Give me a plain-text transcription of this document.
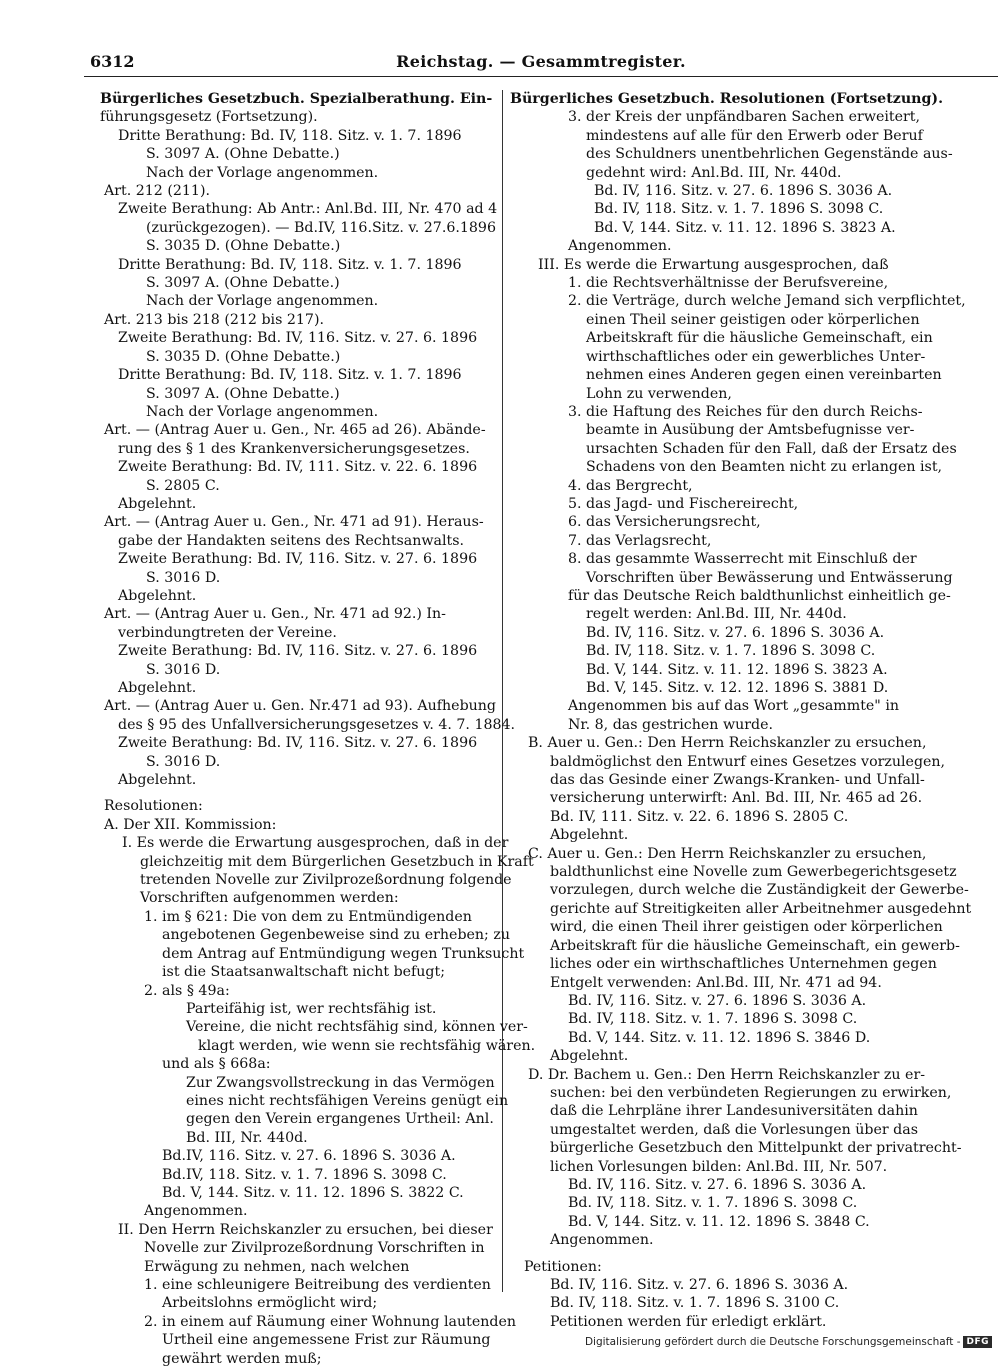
6312	Reichstag. — Gesammtregister.
Bürgerliches Gesetzbuch. Spezialberathung. Ein-
führungsgesetz (Fortsetzung).
Dritte Berathung: Bd. IV, 118. Sitz. v. 1. 7. 1896
S. 3097 A. (Ohne Debatte.)
Nach der Vorlage angenommen.
Art. 212 (211).
Zweite Berathung: Ab Antr.: Anl.Bd. III, Nr. 470 ad 4
(zurückgezogen). — Bd.IV, 116.Sitz. v. 27.6.1896
S. 3035 D. (Ohne Debatte.)
Dritte Berathung: Bd. IV, 118. Sitz. v. 1. 7. 1896
S. 3097 A. (Ohne Debatte.)
Nach der Vorlage angenommen.
Art. 213 bis 218 (212 bis 217).
Zweite Berathung: Bd. IV, 116. Sitz. v. 27. 6. 1896
S. 3035 D. (Ohne Debatte.)
Dritte Berathung: Bd. IV, 118. Sitz. v. 1. 7. 1896
S. 3097 A. (Ohne Debatte.)
Nach der Vorlage angenommen.
Art. — (Antrag Auer u. Gen., Nr. 465 ad 26). Abände-
rung des § 1 des Krankenversicherungsgesetzes.
Zweite Berathung: Bd. IV, 111. Sitz. v. 22. 6. 1896
S. 2805 C.
Abgelehnt.
Art. — (Antrag Auer u. Gen., Nr. 471 ad 91). Heraus-
gabe der Handakten seitens des Rechtsanwalts.
Zweite Berathung: Bd. IV, 116. Sitz. v. 27. 6. 1896
S. 3016 D.
Abgelehnt.
Art. — (Antrag Auer u. Gen., Nr. 471 ad 92.) In-
verbindungtreten der Vereine.
Zweite Berathung: Bd. IV, 116. Sitz. v. 27. 6. 1896
S. 3016 D.
Abgelehnt.
Art. — (Antrag Auer u. Gen. Nr.471 ad 93). Aufhebung
des § 95 des Unfallversicherungsgesetzes v. 4. 7. 1884.
Zweite Berathung: Bd. IV, 116. Sitz. v. 27. 6. 1896
S. 3016 D.
Abgelehnt.
Resolutionen:
A. Der XII. Kommission:
I. Es werde die Erwartung ausgesprochen, daß in der
gleichzeitig mit dem Bürgerlichen Gesetzbuch in Kraft
tretenden Novelle zur Zivilprozeßordnung folgende
Vorschriften aufgenommen werden:
1. im § 621: Die von dem zu Entmündigenden
angebotenen Gegenbeweise sind zu erheben; zu
dem Antrag auf Entmündigung wegen Trunksucht
ist die Staatsanwaltschaft nicht befugt;
2. als § 49a:
Parteifähig ist, wer rechtsfähig ist.
Vereine, die nicht rechtsfähig sind, können ver-
klagt werden, wie wenn sie rechtsfähig wären.
und als § 668a:
Zur Zwangsvollstreckung in das Vermögen
eines nicht rechtsfähigen Vereins genügt ein
gegen den Verein ergangenes Urtheil: Anl.
Bd. III, Nr. 440d.
Bd.IV, 116. Sitz. v. 27. 6. 1896 S. 3036 A.
Bd.IV, 118. Sitz. v. 1. 7. 1896 S. 3098 C.
Bd. V, 144. Sitz. v. 11. 12. 1896 S. 3822 C.
Angenommen.
II. Den Herrn Reichskanzler zu ersuchen, bei dieser
Novelle zur Zivilprozeßordnung Vorschriften in
Erwägung zu nehmen, nach welchen
1. eine schleunigere Beitreibung des verdienten
Arbeitslohns ermöglicht wird;
2. in einem auf Räumung einer Wohnung lautenden
Urtheil eine angemessene Frist zur Räumung
gewährt werden muß;
Bürgerliches Gesetzbuch. Resolutionen (Fortsetzung).
3. der Kreis der unpfändbaren Sachen erweitert,
mindestens auf alle für den Erwerb oder Beruf
des Schuldners unentbehrlichen Gegenstände aus-
gedehnt wird: Anl.Bd. III, Nr. 440d.
Bd. IV, 116. Sitz. v. 27. 6. 1896 S. 3036 A.
Bd. IV, 118. Sitz. v. 1. 7. 1896 S. 3098 C.
Bd. V, 144. Sitz. v. 11. 12. 1896 S. 3823 A.
Angenommen.
III. Es werde die Erwartung ausgesprochen, daß
1. die Rechtsverhältnisse der Berufsvereine,
2. die Verträge, durch welche Jemand sich verpflichtet,
einen Theil seiner geistigen oder körperlichen
Arbeitskraft für die häusliche Gemeinschaft, ein
wirthschaftliches oder ein gewerbliches Unter-
nehmen eines Anderen gegen einen vereinbarten
Lohn zu verwenden,
3. die Haftung des Reiches für den durch Reichs-
beamte in Ausübung der Amtsbefugnisse ver-
ursachten Schaden für den Fall, daß der Ersatz des
Schadens von den Beamten nicht zu erlangen ist,
4. das Bergrecht,
5. das Jagd- und Fischereirecht,
6. das Versicherungsrecht,
7. das Verlagsrecht,
8. das gesammte Wasserrecht mit Einschluß der
Vorschriften über Bewässerung und Entwässerung
für das Deutsche Reich baldthunlichst einheitlich ge-
regelt werden: Anl.Bd. III, Nr. 440d.
Bd. IV, 116. Sitz. v. 27. 6. 1896 S. 3036 A.
Bd. IV, 118. Sitz. v. 1. 7. 1896 S. 3098 C.
Bd. V, 144. Sitz. v. 11. 12. 1896 S. 3823 A.
Bd. V, 145. Sitz. v. 12. 12. 1896 S. 3881 D.
Angenommen bis auf das Wort „gesammte" in
Nr. 8, das gestrichen wurde.
B. Auer u. Gen.: Den Herrn Reichskanzler zu ersuchen,
baldmöglichst den Entwurf eines Gesetzes vorzulegen,
das das Gesinde einer Zwangs-Kranken- und Unfall-
versicherung unterwirft: Anl. Bd. III, Nr. 465 ad 26.
Bd. IV, 111. Sitz. v. 22. 6. 1896 S. 2805 C.
Abgelehnt.
C. Auer u. Gen.: Den Herrn Reichskanzler zu ersuchen,
baldthunlichst eine Novelle zum Gewerbegerichtsgesetz
vorzulegen, durch welche die Zuständigkeit der Gewerbe-
gerichte auf Streitigkeiten aller Arbeitnehmer ausgedehnt
wird, die einen Theil ihrer geistigen oder körperlichen
Arbeitskraft für die häusliche Gemeinschaft, ein gewerb-
liches oder ein wirthschaftliches Unternehmen gegen
Entgelt verwenden: Anl.Bd. III, Nr. 471 ad 94.
Bd. IV, 116. Sitz. v. 27. 6. 1896 S. 3036 A.
Bd. IV, 118. Sitz. v. 1. 7. 1896 S. 3098 C.
Bd. V, 144. Sitz. v. 11. 12. 1896 S. 3846 D.
Abgelehnt.
D. Dr. Bachem u. Gen.: Den Herrn Reichskanzler zu er-
suchen: bei den verbündeten Regierungen zu erwirken,
daß die Lehrpläne ihrer Landesuniversitäten dahin
umgestaltet werden, daß die Vorlesungen über das
bürgerliche Gesetzbuch den Mittelpunkt der privatrecht-
lichen Vorlesungen bilden: Anl.Bd. III, Nr. 507.
Bd. IV, 116. Sitz. v. 27. 6. 1896 S. 3036 A.
Bd. IV, 118. Sitz. v. 1. 7. 1896 S. 3098 C.
Bd. V, 144. Sitz. v. 11. 12. 1896 S. 3848 C.
Angenommen.
Petitionen:
Bd. IV, 116. Sitz. v. 27. 6. 1896 S. 3036 A.
Bd. IV, 118. Sitz. v. 1. 7. 1896 S. 3100 C.
Petitionen werden für erledigt erklärt.
Digitalisierung gefördert durch die Deutsche Forschungsgemeinschaft - DFG
